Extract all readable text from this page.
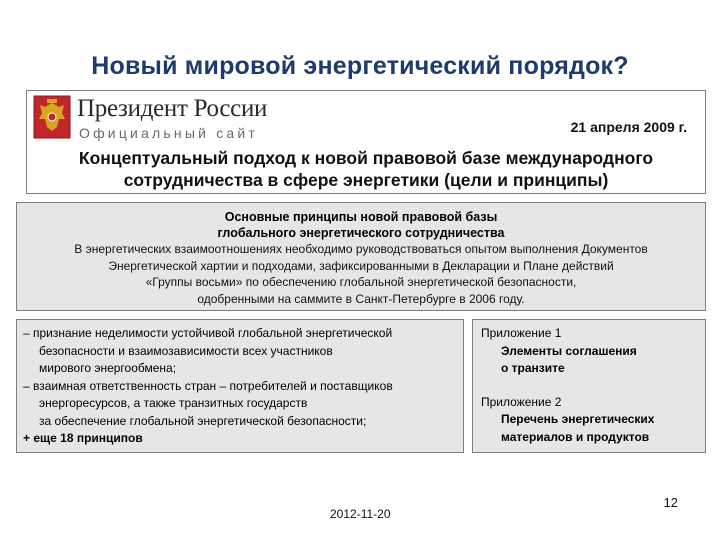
Новый мировой энергетический порядок?
Президент России
Официальный сайт	21 апреля 2009 г.
Концептуальный подход к новой правовой базе международного
сотрудничества в сфере энергетики (цели и принципы)
Основные принципы новой правовой базы
глобального энергетического сотрудничества
В энергетических взаимоотношениях необходимо руководствоваться опытом выполнения Документов
Энергетической хартии и подходами, зафиксированными в Декларации и Плане действий
«Группы восьми» по обеспечению глобальной энергетической безопасности,
одобренными на саммите в Санкт-Петербурге в 2006 году.
– признание неделимости устойчивой глобальной энергетической
безопасности и взаимозависимости всех участников
мирового энергообмена;
– взаимная ответственность стран – потребителей и поставщиков
энергоресурсов, а также транзитных государств
за обеспечение глобальной энергетической безопасности;
+ еще 18 принципов
Приложение 1
Элементы соглашения
о транзите
Приложение 2
Перечень энергетических
материалов и продуктов
2012-11-20
12
